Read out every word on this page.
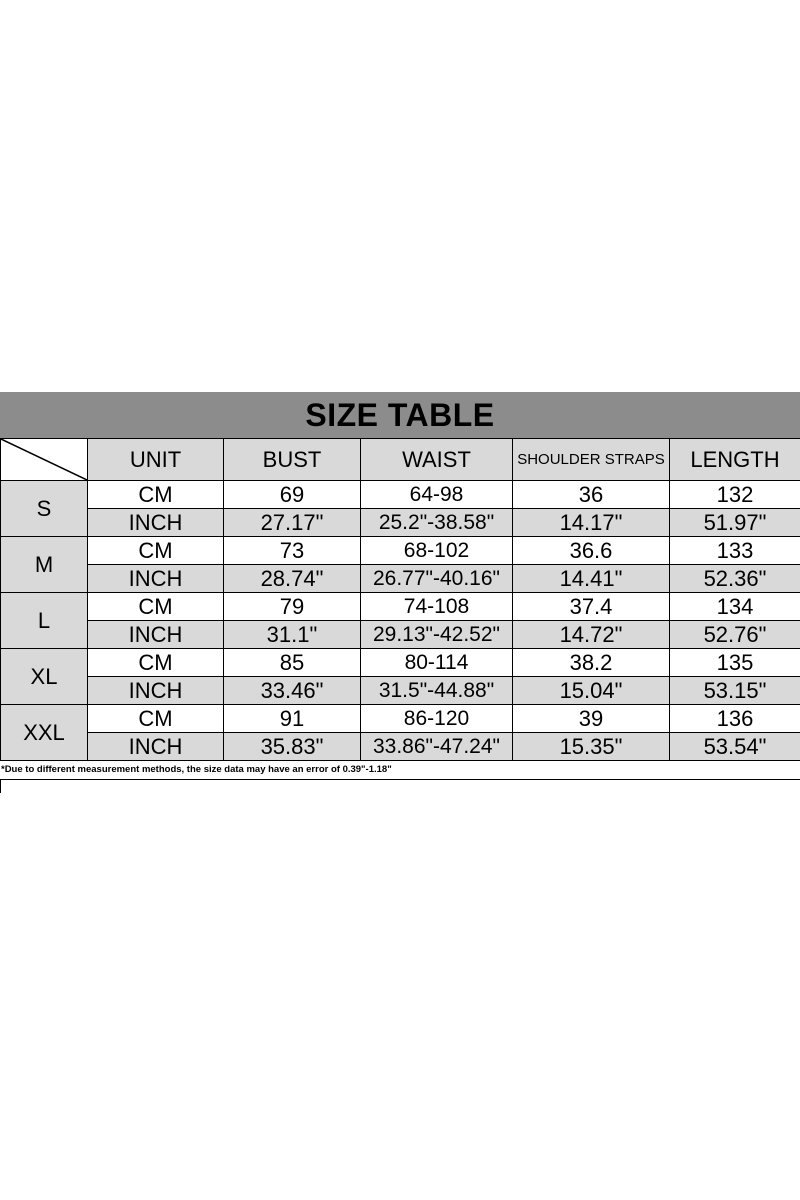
SIZE TABLE
	UNIT	BUST	WAIST	SHOULDER STRAPS	LENGTH
S	CM	69	64-98	36	132
	INCH	27.17"	25.2"-38.58"	14.17"	51.97"
M	CM	73	68-102	36.6	133
	INCH	28.74"	26.77"-40.16"	14.41"	52.36"
L	CM	79	74-108	37.4	134
	INCH	31.1"	29.13"-42.52"	14.72"	52.76"
XL	CM	85	80-114	38.2	135
	INCH	33.46"	31.5"-44.88"	15.04"	53.15"
XXL	CM	91	86-120	39	136
	INCH	35.83"	33.86"-47.24"	15.35"	53.54"
*Due to different measurement methods, the size data may have an error of 0.39"-1.18"
